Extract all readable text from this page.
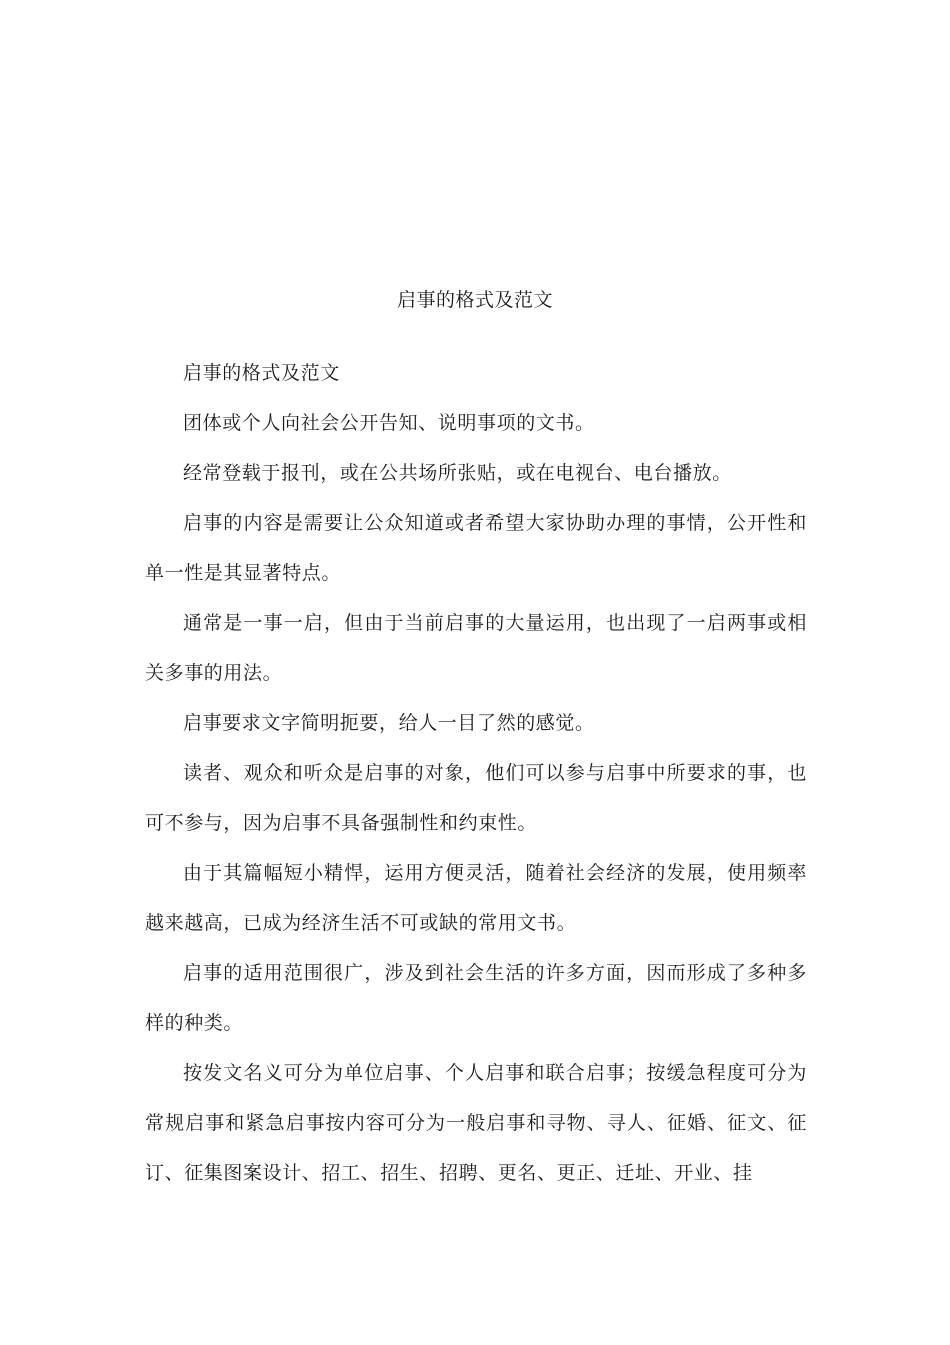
启事的格式及范文

启事的格式及范文

团体或个人向社会公开告知、说明事项的文书。

经常登载于报刊，或在公共场所张贴，或在电视台、电台播放。

启事的内容是需要让公众知道或者希望大家协助办理的事情，公开性和单一性是其显著特点。

通常是一事一启，但由于当前启事的大量运用，也出现了一启两事或相关多事的用法。

启事要求文字简明扼要，给人一目了然的感觉。

读者、观众和听众是启事的对象，他们可以参与启事中所要求的事，也可不参与，因为启事不具备强制性和约束性。

由于其篇幅短小精悍，运用方便灵活，随着社会经济的发展，使用频率越来越高，已成为经济生活不可或缺的常用文书。

启事的适用范围很广，涉及到社会生活的许多方面，因而形成了多种多样的种类。

按发文名义可分为单位启事、个人启事和联合启事；按缓急程度可分为常规启事和紧急启事按内容可分为一般启事和寻物、寻人、征婚、征文、征订、征集图案设计、招工、招生、招聘、更名、更正、迁址、开业、挂
